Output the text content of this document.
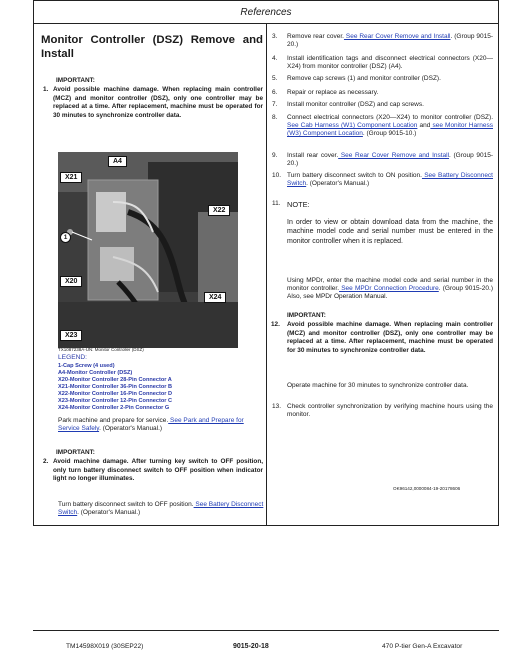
References
Monitor Controller (DSZ) Remove and Install
IMPORTANT:
1. Avoid possible machine damage. When replacing main controller (MCZ) and monitor controller (DSZ), only one controller may be replaced at a time. After replacement, machine must be operated for 30 minutes to synchronize controller data.
A4
X21
X22
1
X20
X24
X23
TX1087238A-UN: Monitor Controller (DSZ)
LEGEND:
1-Cap Screw (4 used)
A4-Monitor Controller (DSZ)
X20-Monitor Controller 28-Pin Connector A
X21-Monitor Controller 36-Pin Connector B
X22-Monitor Controller 16-Pin Connector D
X23-Monitor Controller 12-Pin Connector C
X24-Monitor Controller 2-Pin Connector G
Park machine and prepare for service. See Park and Prepare for Service Safely. (Operator's Manual.)
IMPORTANT:
2. Avoid machine damage. After turning key switch to OFF position, only turn battery disconnect switch to OFF position when indicator light no longer illuminates.
Turn battery disconnect switch to OFF position. See Battery Disconnect Switch. (Operator's Manual.)
3. Remove rear cover. See Rear Cover Remove and Install. (Group 9015-20.)
4. Install identification tags and disconnect electrical connectors (X20—X24) from monitor controller (DSZ) (A4).
5. Remove cap screws (1) and monitor controller (DSZ).
6. Repair or replace as necessary.
7. Install monitor controller (DSZ) and cap screws.
8. Connect electrical connectors (X20—X24) to monitor controller (DSZ). See Cab Harness (W1) Component Location and see Monitor Harness (W3) Component Location. (Group 9015-10.)
9. Install rear cover. See Rear Cover Remove and Install. (Group 9015-20.)
10. Turn battery disconnect switch to ON position. See Battery Disconnect Switch. (Operator's Manual.)
11. NOTE:
In order to view or obtain download data from the machine, the machine model code and serial number must be entered in the monitor controller when it is replaced.
Using MPDr, enter the machine model code and serial number in the monitor controller. See MPDr Connection Procedure. (Group 9015-20.) Also, see MPDr Operation Manual.
IMPORTANT:
12. Avoid possible machine damage. When replacing main controller (MCZ) and monitor controller (DSZ), only one controller may be replaced at a time. After replacement, machine must be operated for 30 minutes to synchronize controller data.
Operate machine for 30 minutes to synchronize controller data.
13. Check controller synchronization by verifying machine hours using the monitor.
OK96142,0000084-19-20178606
TM14598X019 (30SEP22)	9015-20-18	470 P-tier Gen-A Excavator
